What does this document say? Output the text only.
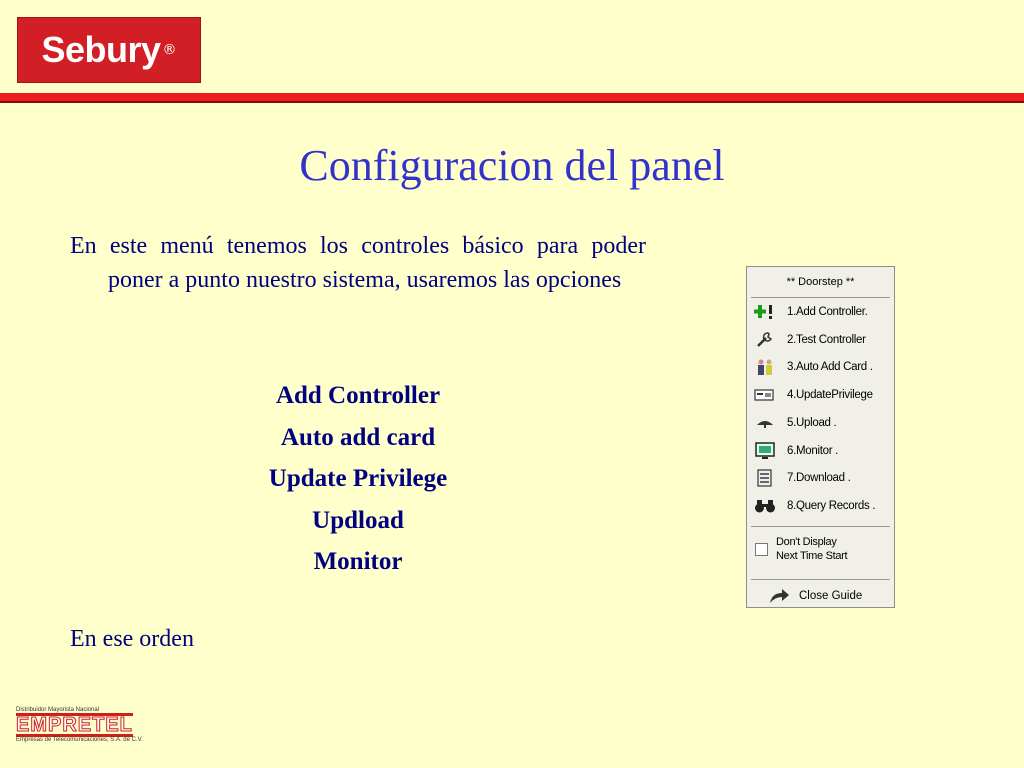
Sebury ®
Configuracion del panel
En este menú tenemos los controles básico para poder poner a punto nuestro sistema, usaremos las opciones
Add Controller
Auto add card
Update Privilege
Updload
Monitor
En ese orden
** Doorstep **
1.Add Controller.
2.Test Controller
3.Auto Add Card .
4.UpdatePrivilege
5.Upload .
6.Monitor .
7.Download .
8.Query Records .
Don't Display
Next Time Start
Close Guide
Distribuidor Mayorista Nacional
EMPRETEL
Empresas de Telecomunicaciones, S.A. de C.V.
